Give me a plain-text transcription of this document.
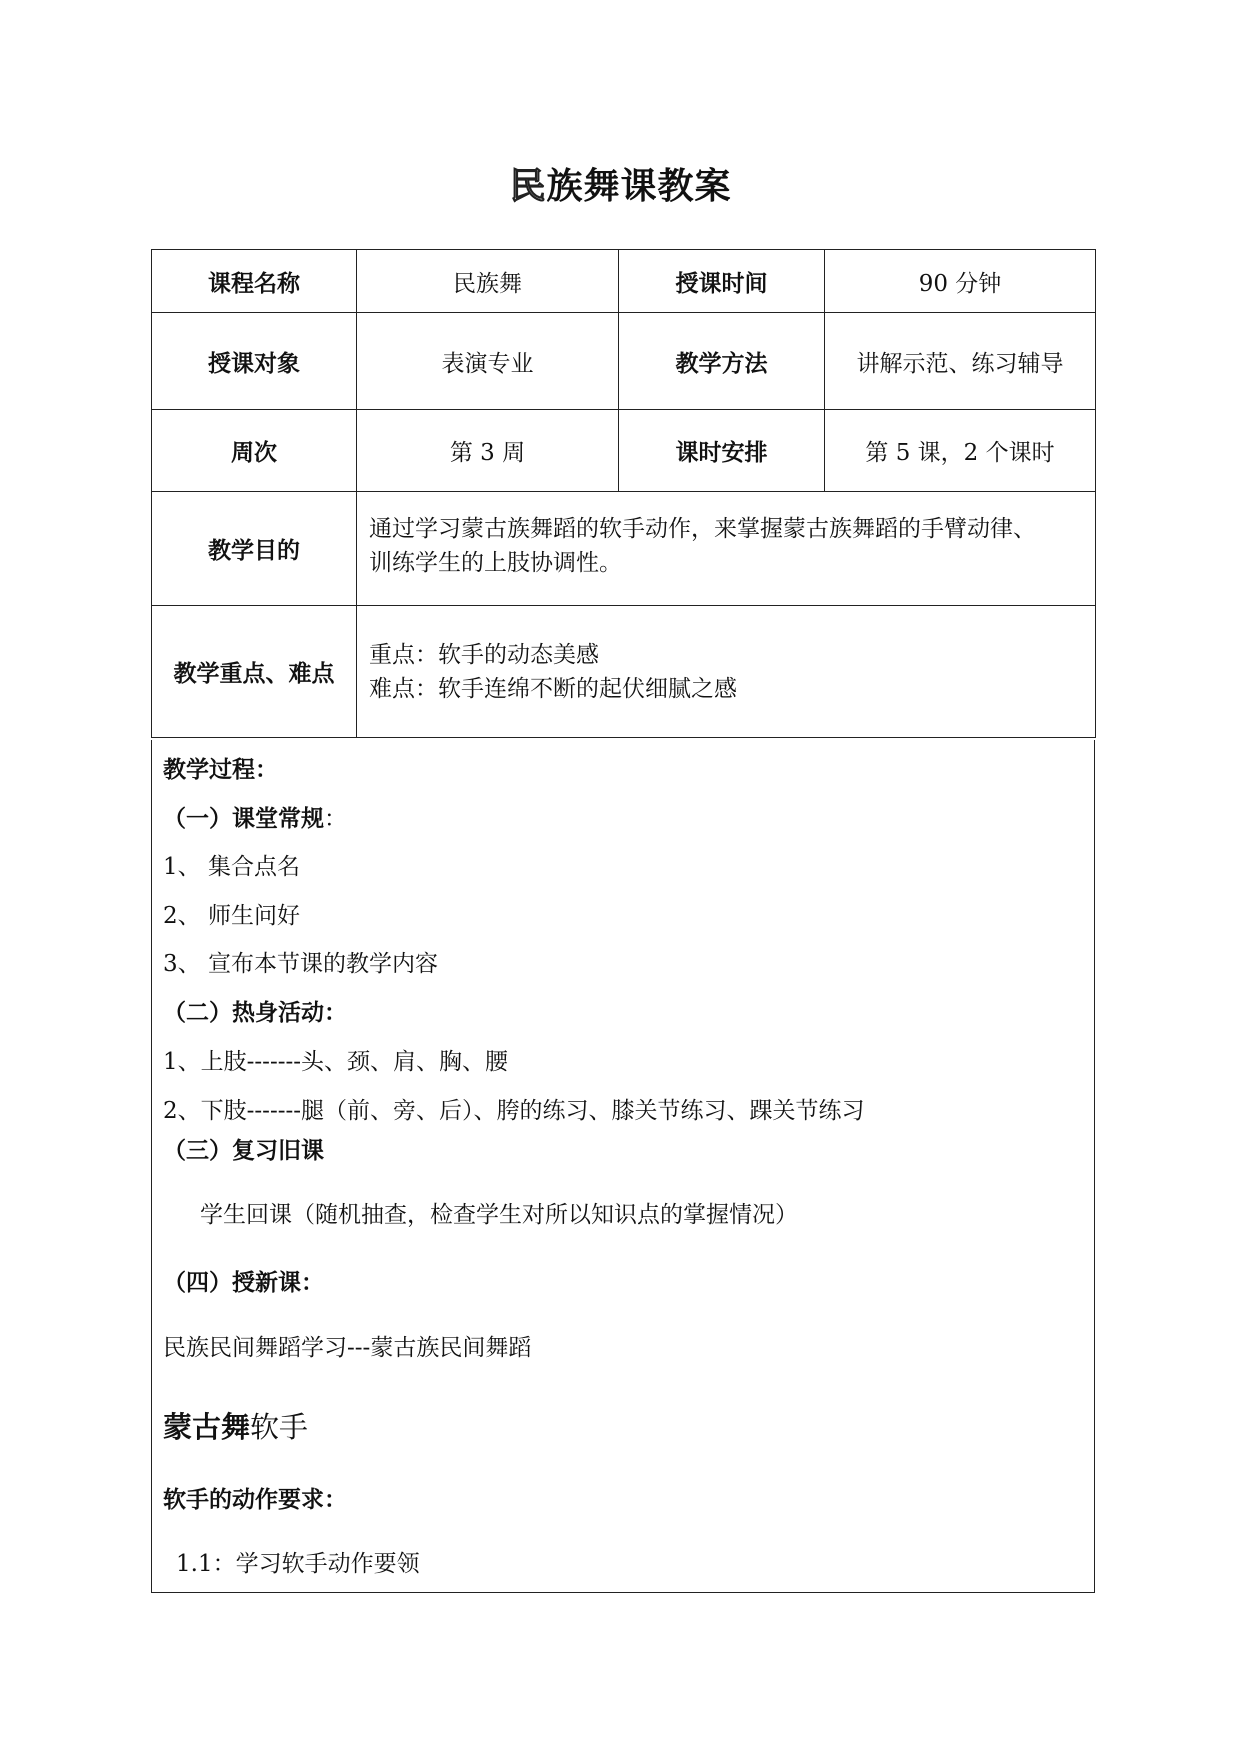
民族舞课教案
课程名称	民族舞	授课时间	90 分钟
授课对象	表演专业	教学方法	讲解示范、练习辅导
周次	第 3 周	课时安排	第 5 课，2 个课时
教学目的	通过学习蒙古族舞蹈的软手动作，来掌握蒙古族舞蹈的手臂动律、
训练学生的上肢协调性。		

教学重点、难点	重点：软手的动态美感
难点：软手连绵不断的起伏细腻之感		
教学过程：
（一）课堂常规：
1、 集合点名
2、 师生问好
3、 宣布本节课的教学内容
（二）热身活动：
1、上肢-------头、颈、肩、胸、腰
2、下肢-------腿（前、旁、后）、胯的练习、膝关节练习、踝关节练习
（三）复习旧课
学生回课（随机抽查，检查学生对所以知识点的掌握情况）
（四）授新课：
民族民间舞蹈学习---蒙古族民间舞蹈
蒙古舞软手
软手的动作要求：
1.1：学习软手动作要领
